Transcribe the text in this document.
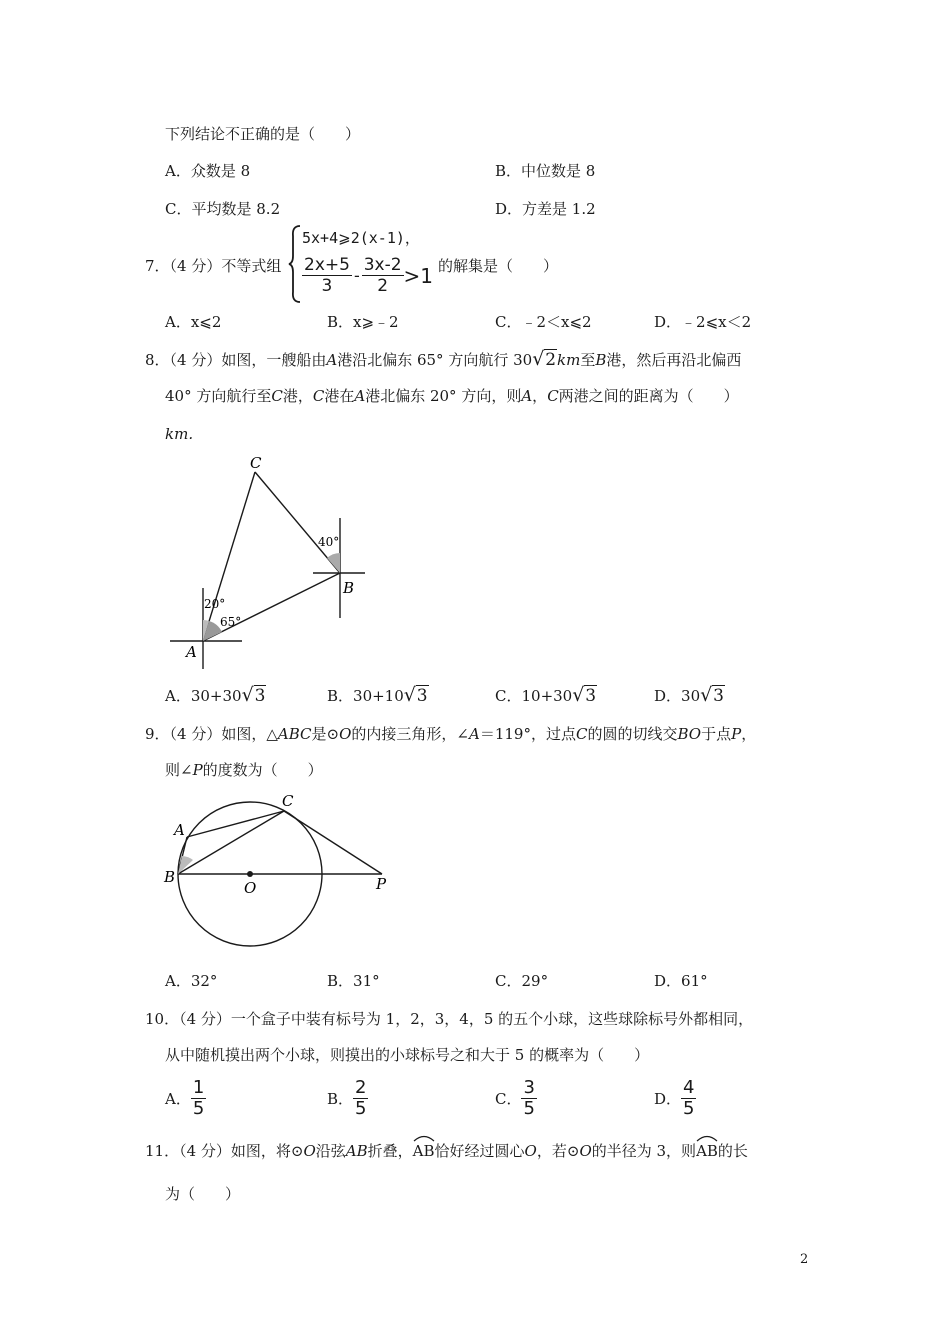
下列结论不正确的是（　　）
A．众数是 8	B．中位数是 8
C．平均数是 8.2	D．方差是 1.2
7．（4 分）不等式组
5x+4⩾2(x-1)，
$\frac{2x+5}{3} - \frac{3x-2}{2} >1$ 的解集是（　　）
A．x⩽2	B．x⩾﹣2	C．﹣2＜x⩽2	D．﹣2⩽x＜2
8．（4 分）如图，一艘船由A港沿北偏东 65° 方向航行 30 √ 2km至B港，然后再沿北偏西
40° 方向航行至C港，C港在A港北偏东 20° 方向，则A，C两港之间的距离为（　　）
km.
C
B
A
40°
20°
65°
A．30+30 √ 3	B．30+10 √ 3	C．10+30 √ 3	D．30 √ 3
9．（4 分）如图，△ABC是⊙O的内接三角形，∠A＝119°，过点C的圆的切线交BO于点P，
则∠P的度数为（　　）
A
B
C
O	P
A．32°	B．31°	C．29°	D．61°
10．（4 分）一个盒子中装有标号为 1，2，3，4，5 的五个小球，这些球除标号外都相同，
从中随机摸出两个小球，则摸出的小球标号之和大于 5 的概率为（　　）
A． $\frac{1}{5}$	B． $\frac{2}{5}$	C． $\frac{3}{5}$	D． $\frac{4}{5}$
11．（4 分）如图，将⊙O沿弦AB折叠，
AB恰好经过圆心O，若⊙O的半径为 3，则
AB的长
为（　　）
2
